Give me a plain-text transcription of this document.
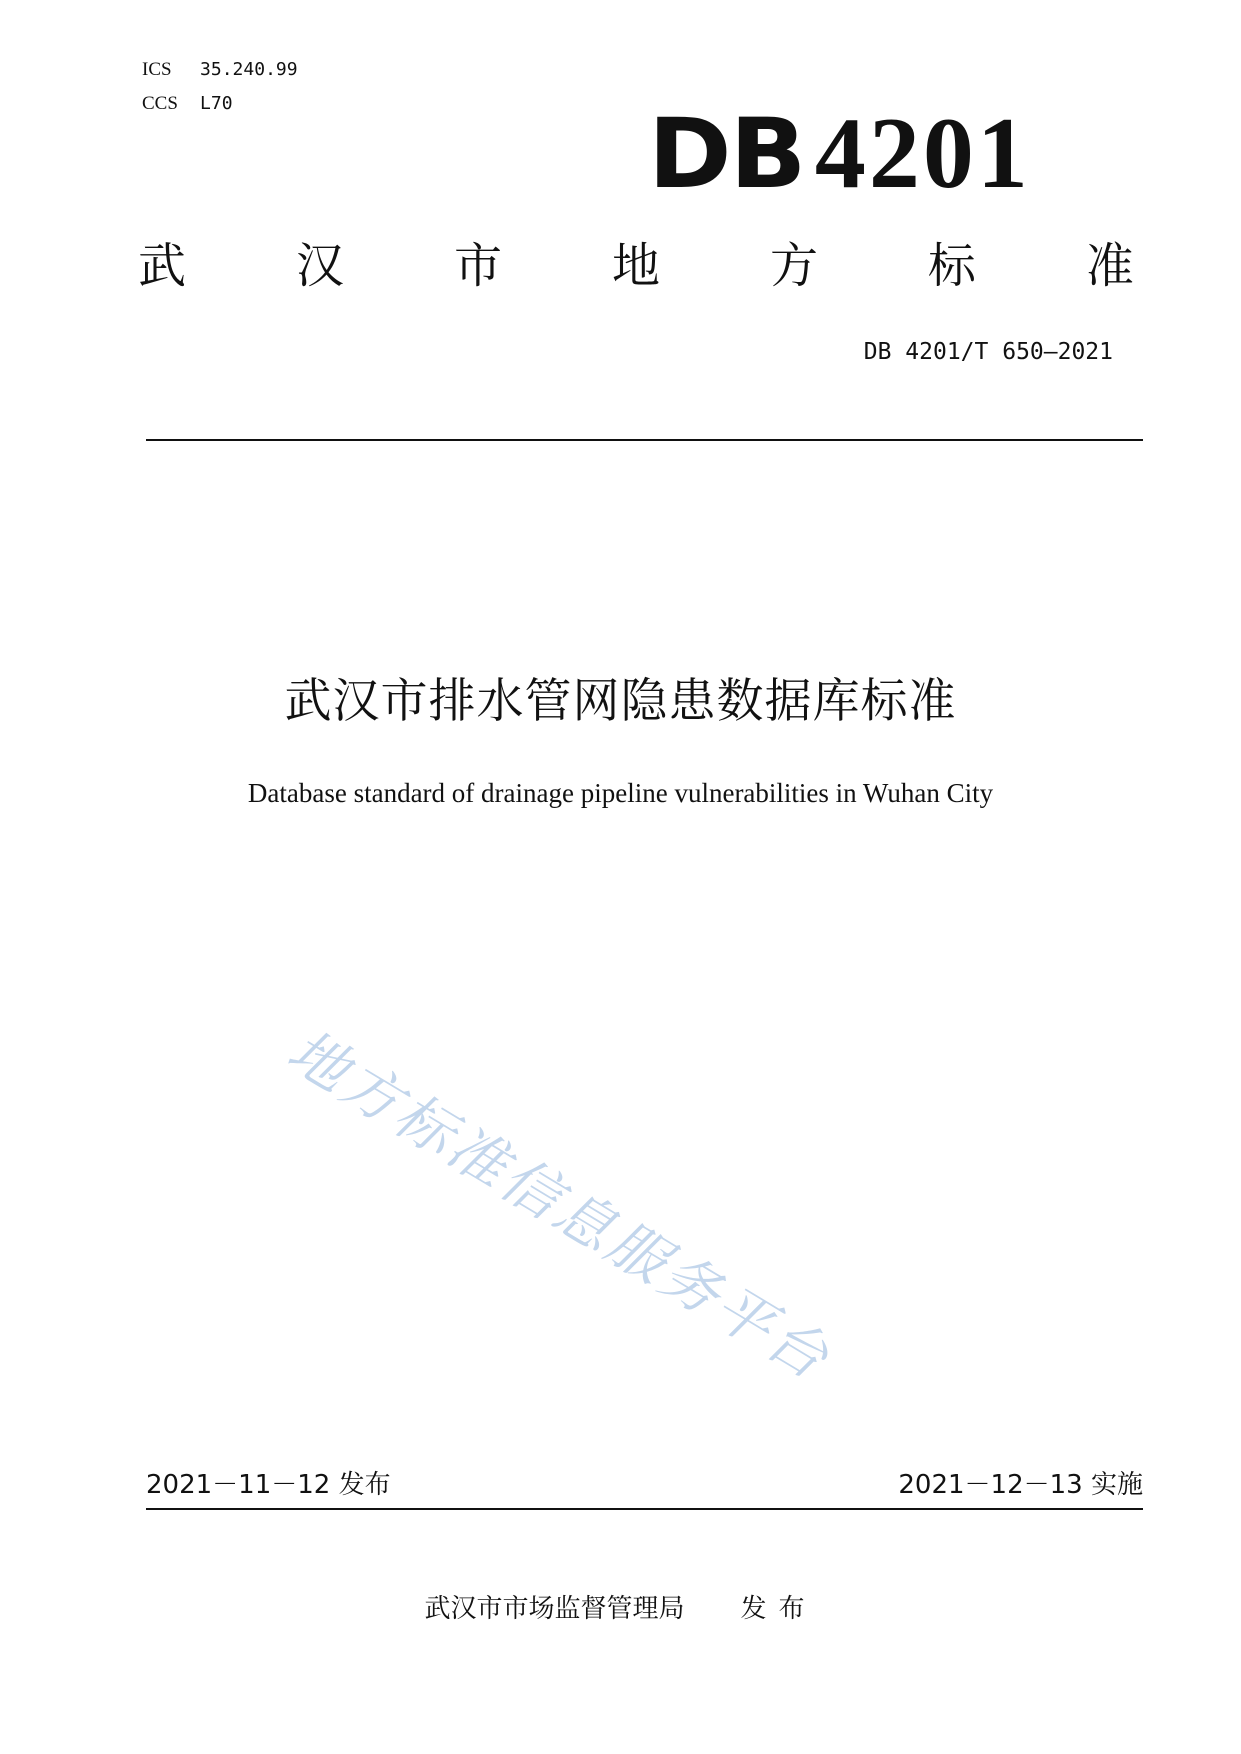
ICS 35.240.99
CCS L70	DB 4201
武 汉 市 地 方 标 准
DB 4201/T 650—2021
武汉市排水管网隐患数据库标准
Database standard of drainage pipeline vulnerabilities in Wuhan City
地方标准信息服务平台
2021－11－12 发布	2021－12－13 实施
武汉市市场监督管理局 发布
